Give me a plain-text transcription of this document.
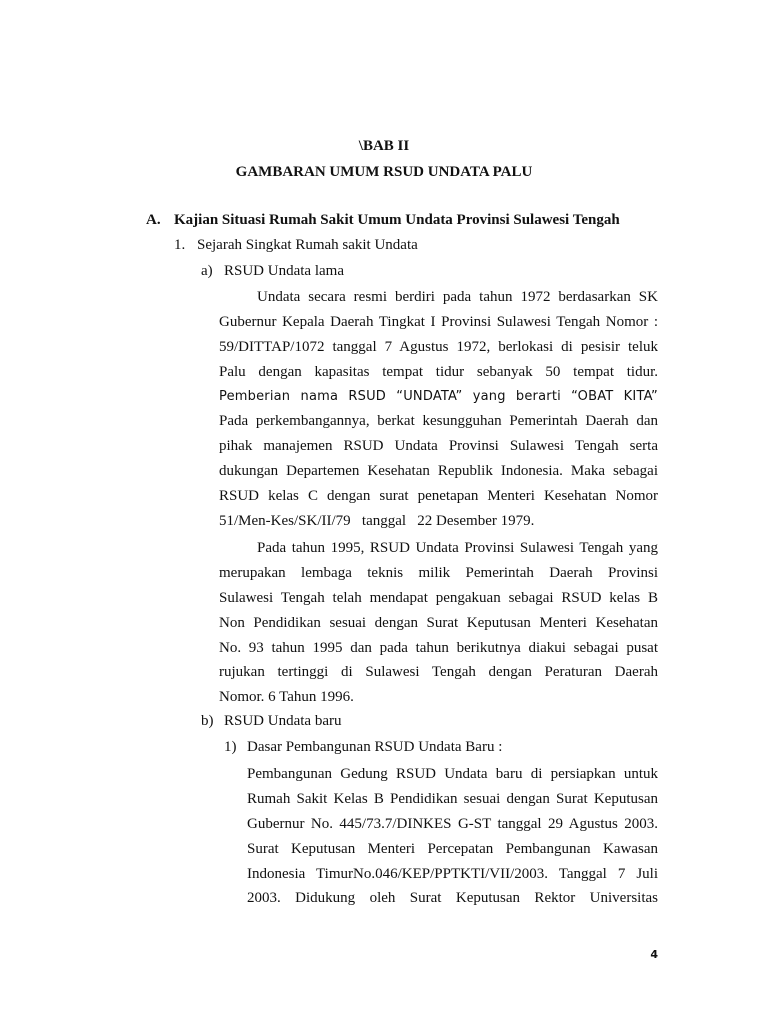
\BAB II
GAMBARAN UMUM RSUD UNDATA PALU
A. Kajian Situasi Rumah Sakit Umum Undata Provinsi Sulawesi Tengah
1. Sejarah Singkat Rumah sakit Undata
a) RSUD Undata lama
Undata secara resmi berdiri pada tahun 1972 berdasarkan SK
Gubernur Kepala Daerah Tingkat I Provinsi Sulawesi Tengah Nomor :
59/DITTAP/1072 tanggal 7 Agustus 1972, berlokasi di pesisir teluk
Palu dengan kapasitas tempat tidur sebanyak 50 tempat tidur.
Pemberian nama RSUD “UNDATA” yang berarti “OBAT KITA”
Pada perkembangannya, berkat kesungguhan Pemerintah Daerah dan
pihak manajemen RSUD Undata Provinsi Sulawesi Tengah serta
dukungan Departemen Kesehatan Republik Indonesia. Maka sebagai
RSUD kelas C dengan surat penetapan Menteri Kesehatan Nomor
51/Men-Kes/SK/II/79   tanggal   22 Desember 1979.
Pada tahun 1995, RSUD Undata Provinsi Sulawesi Tengah yang
merupakan lembaga teknis milik Pemerintah Daerah Provinsi
Sulawesi Tengah telah mendapat pengakuan sebagai RSUD kelas B
Non Pendidikan sesuai dengan Surat Keputusan Menteri Kesehatan
No. 93 tahun 1995 dan pada tahun berikutnya diakui sebagai pusat
rujukan tertinggi di Sulawesi Tengah dengan Peraturan Daerah
Nomor. 6 Tahun 1996.
b) RSUD Undata baru
1) Dasar Pembangunan RSUD Undata Baru :
Pembangunan Gedung RSUD Undata baru di persiapkan untuk
Rumah Sakit Kelas B Pendidikan sesuai dengan Surat Keputusan
Gubernur No. 445/73.7/DINKES G-ST tanggal 29 Agustus 2003.
Surat Keputusan Menteri Percepatan Pembangunan Kawasan
Indonesia TimurNo.046/KEP/PPTKTI/VII/2003. Tanggal 7 Juli
2003. Didukung oleh Surat Keputusan Rektor Universitas
4
